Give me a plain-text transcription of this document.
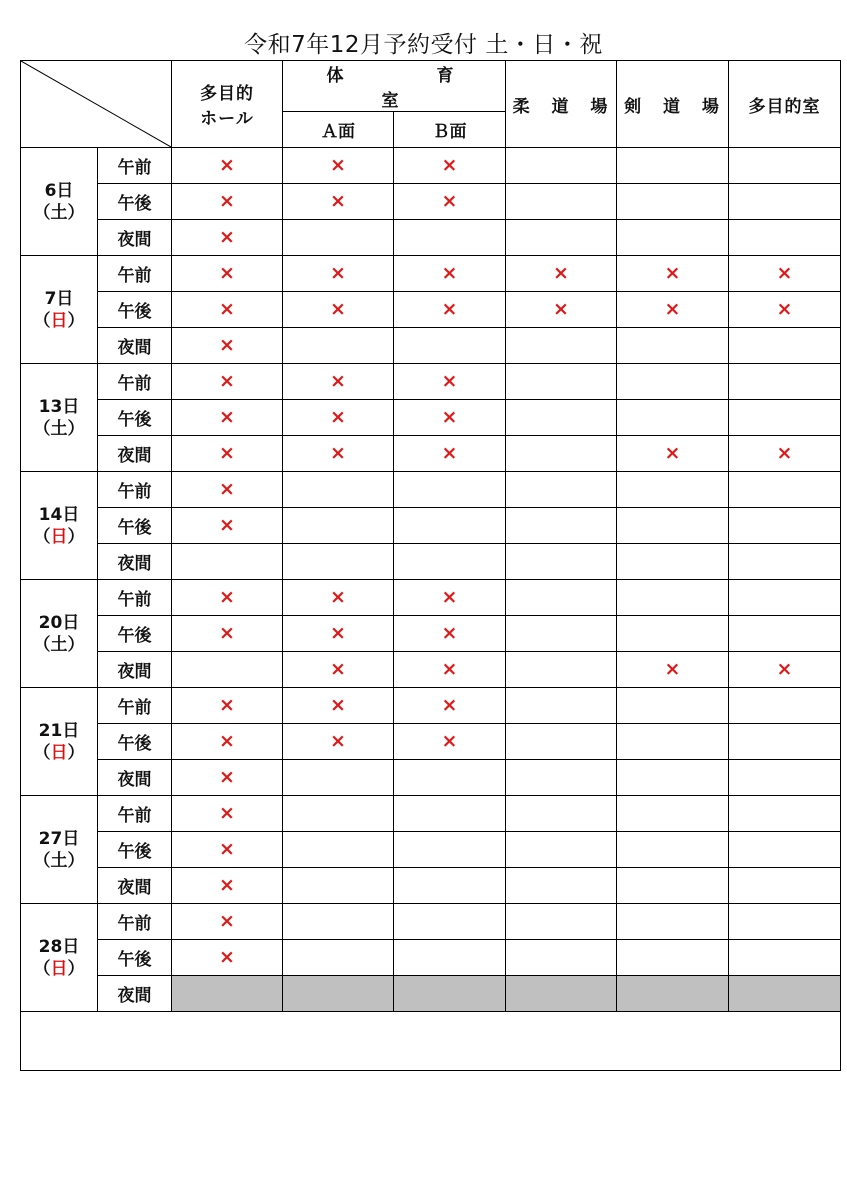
令和7年12月予約受付 土・日・祝
	多目的
ホール	体　育　室		柔 道 場	剣 道 場	多目的室
			Ａ面	Ｂ面			
6日
（土）	午前	×	×	×			
	午後	×	×	×			
	夜間	×					
7日
（日）	午前	×	×	×	×	×	×
	午後	×	×	×	×	×	×
	夜間	×					
13日
（土）	午前	×	×	×			
	午後	×	×	×			
	夜間	×	×	×		×	×
14日
（日）	午前	×					
	午後	×					
	夜間						
20日
（土）	午前	×	×	×			
	午後	×	×	×			
	夜間		×	×		×	×
21日
（日）	午前	×	×	×			
	午後	×	×	×			
	夜間	×					
27日
（土）	午前	×					
	午後	×					
	夜間	×					
28日
（日）	午前	×					
	午後	×					
	夜間						
